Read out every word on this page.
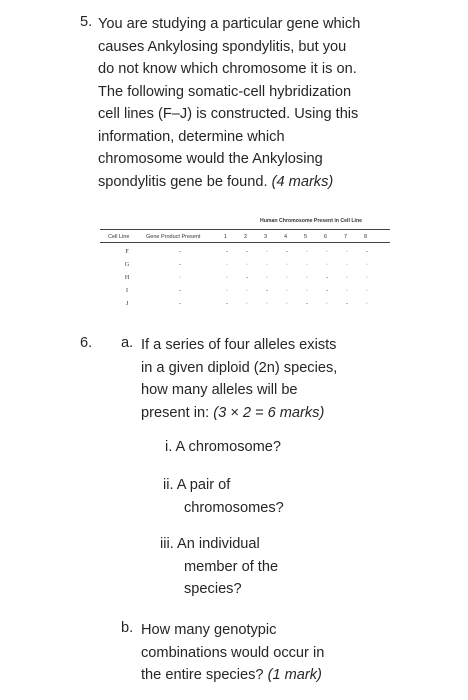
5. You are studying a particular gene which
causes Ankylosing spondylitis, but you
do not know which chromosome it is on.
The following somatic-cell hybridization
cell lines (F–J) is constructed. Using this
information, determine which
chromosome would the Ankylosing
spondylitis gene be found. (4 marks)
Human Chromosome Present in Cell Line
Cell Line	Gene Product Present	1	2	3	4	5	6	7	8
F	-	-	-	·	-	·	·	·	-
G	-	·	·	·	·	·	·	·	·
H	·	·	-	·	·	·	-	·	·
I	-	·	·	-	·	·	-	·	·
J	-	-	·	·	·	-	·	-	·
6. a. If a series of four alleles exists
in a given diploid (2n) species,
how many alleles will be
present in: (3 × 2 = 6 marks)
i. A chromosome?
ii. A pair of
chromosomes?
iii. An individual
member of the
species?
b. How many genotypic
combinations would occur in
the entire species? (1 mark)
